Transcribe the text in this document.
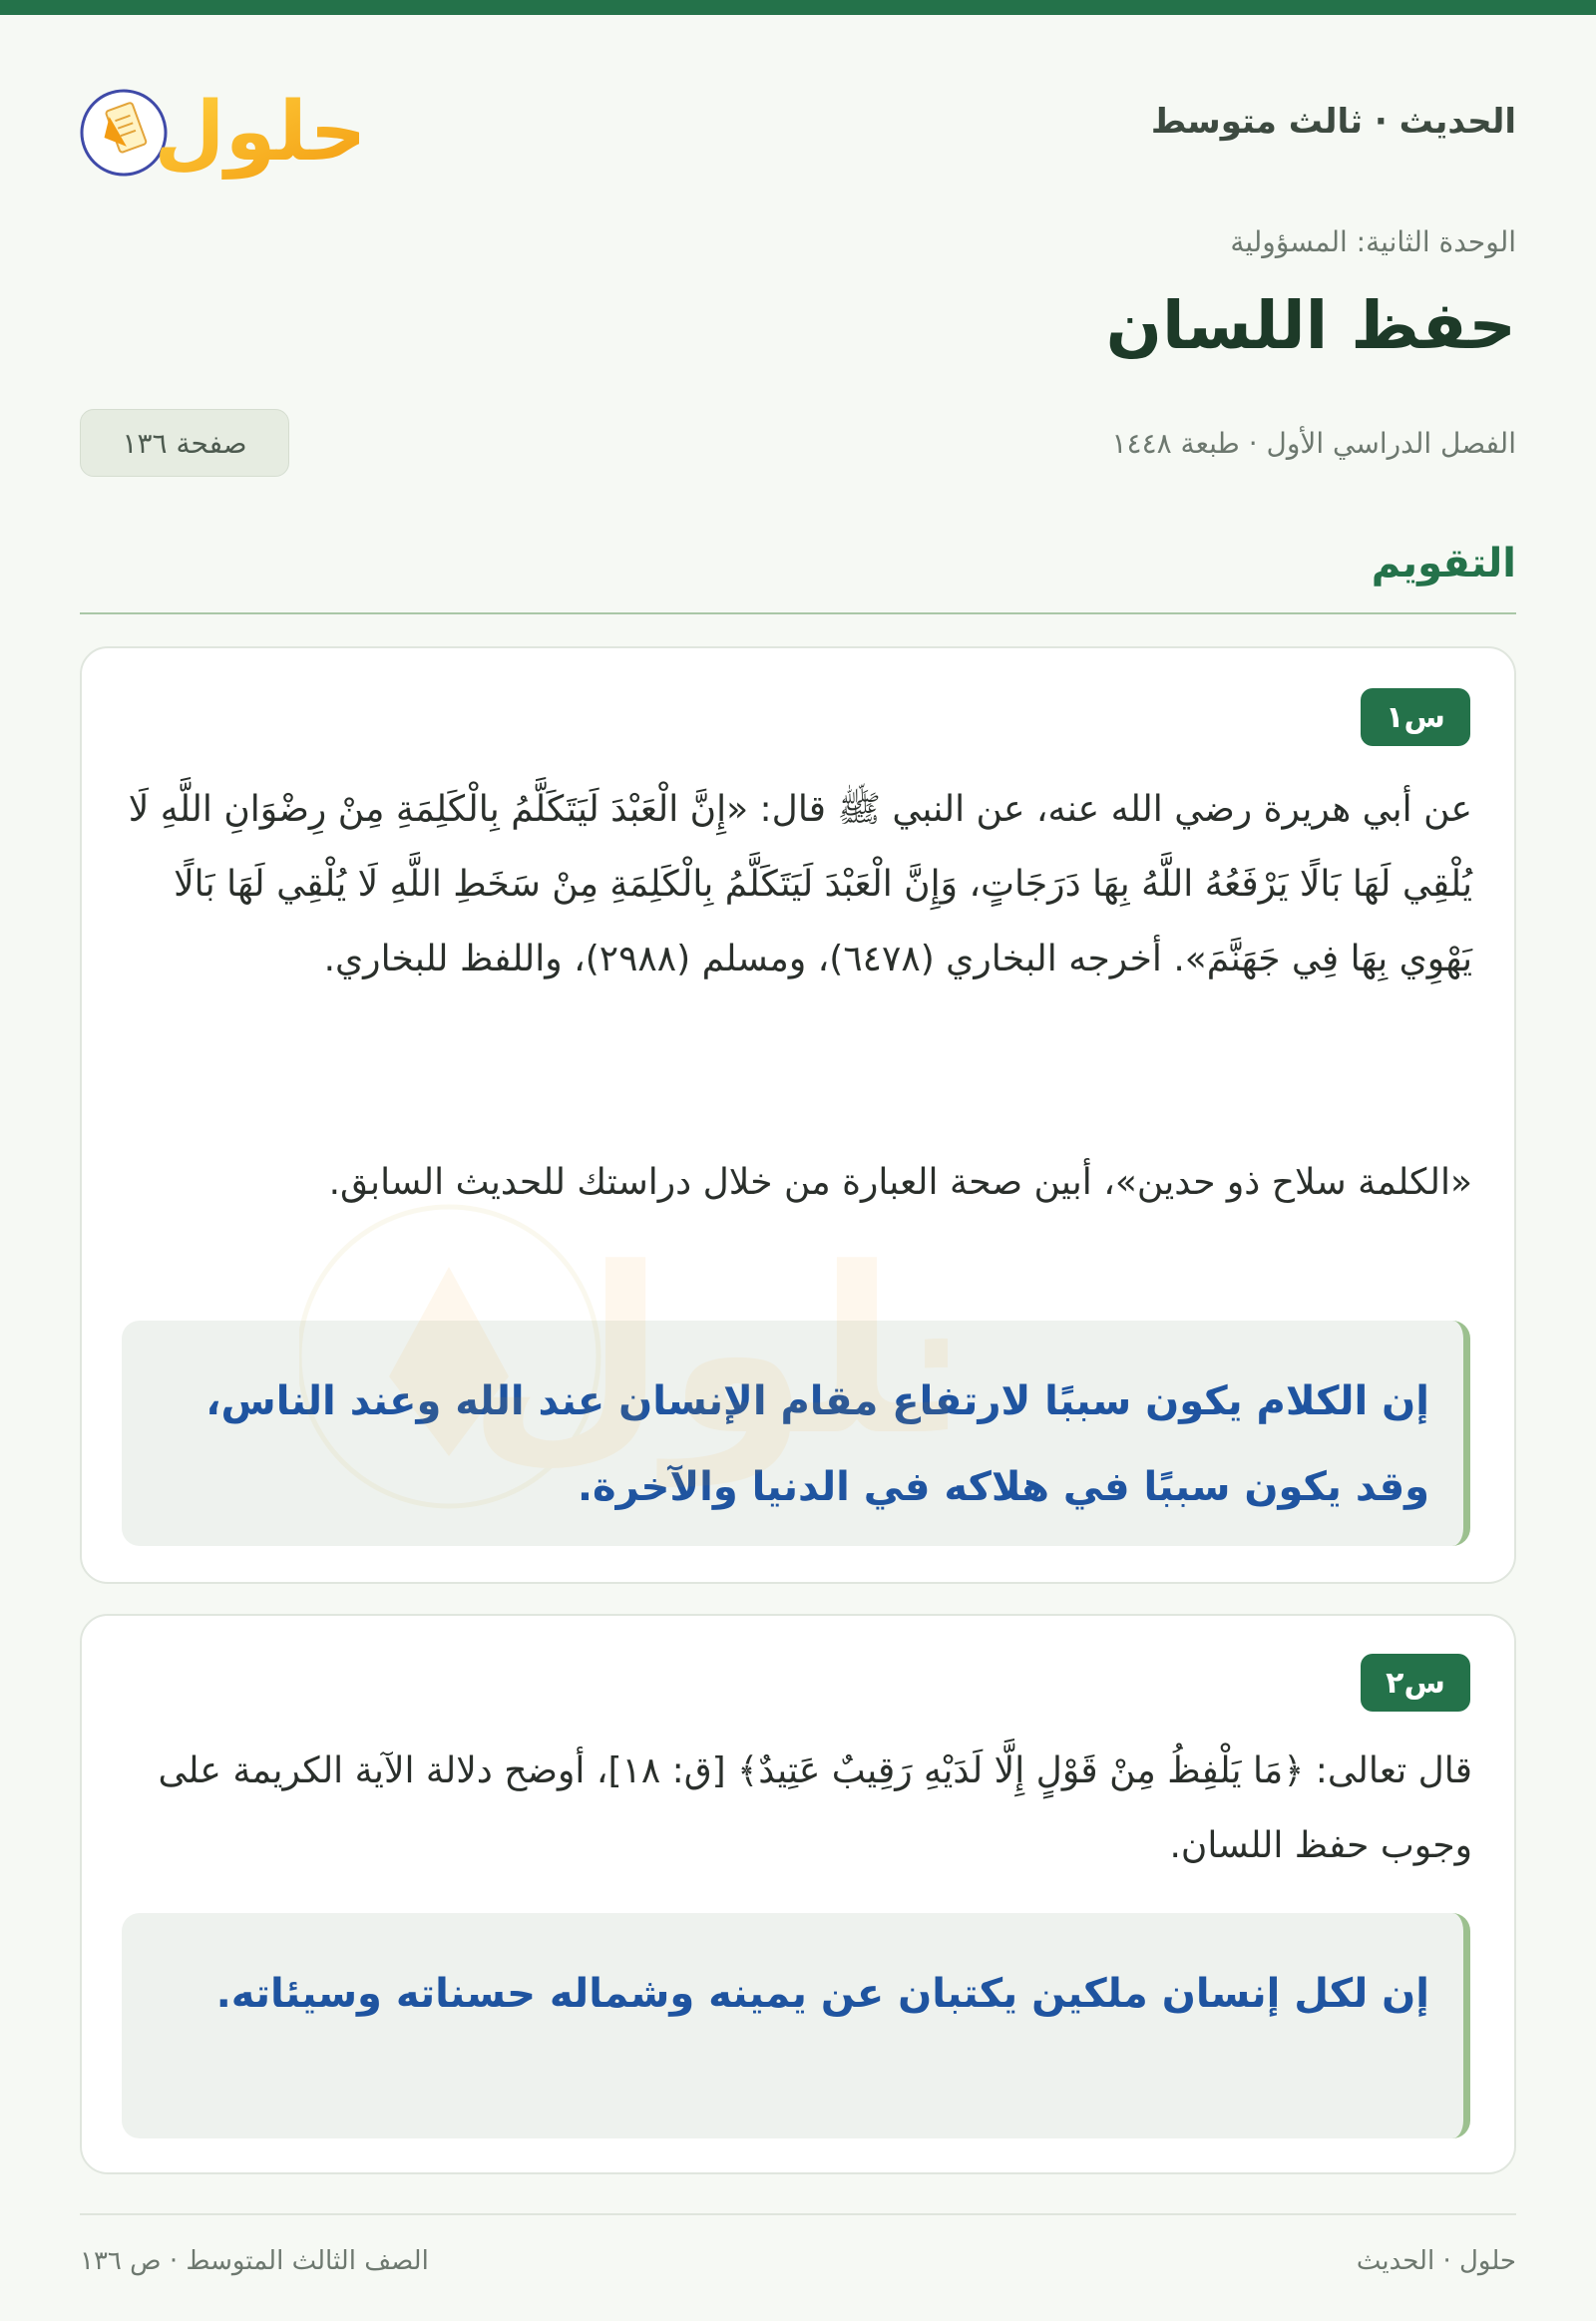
حلول	الحديث · ثالث متوسط
الوحدة الثانية: المسؤولية
حفظ اللسان
الفصل الدراسي الأول · طبعة ١٤٤٨
صفحة ١٣٦
التقويم
س١
عن أبي هريرة رضي الله عنه، عن النبي ﷺ قال: «إِنَّ الْعَبْدَ لَيَتَكَلَّمُ بِالْكَلِمَةِ مِنْ رِضْوَانِ اللَّهِ لَا يُلْقِي لَهَا بَالًا يَرْفَعُهُ اللَّهُ بِهَا دَرَجَاتٍ، وَإِنَّ الْعَبْدَ لَيَتَكَلَّمُ بِالْكَلِمَةِ مِنْ سَخَطِ اللَّهِ لَا يُلْقِي لَهَا بَالًا يَهْوِي بِهَا فِي جَهَنَّمَ». أخرجه البخاري (٦٤٧٨)، ومسلم (٢٩٨٨)، واللفظ للبخاري.
«الكلمة سلاح ذو حدين»، أبين صحة العبارة من خلال دراستك للحديث السابق.
إن الكلام يكون سببًا لارتفاع مقام الإنسان عند الله وعند الناس، وقد يكون سببًا في هلاكه في الدنيا والآخرة.
س٢
قال تعالى: ﴿مَا يَلْفِظُ مِنْ قَوْلٍ إِلَّا لَدَيْهِ رَقِيبٌ عَتِيدٌ﴾ [ق: ١٨]، أوضح دلالة الآية الكريمة على وجوب حفظ اللسان.
إن لكل إنسان ملكين يكتبان عن يمينه وشماله حسناته وسيئاته.
حلول · الحديث
الصف الثالث المتوسط · ص ١٣٦
